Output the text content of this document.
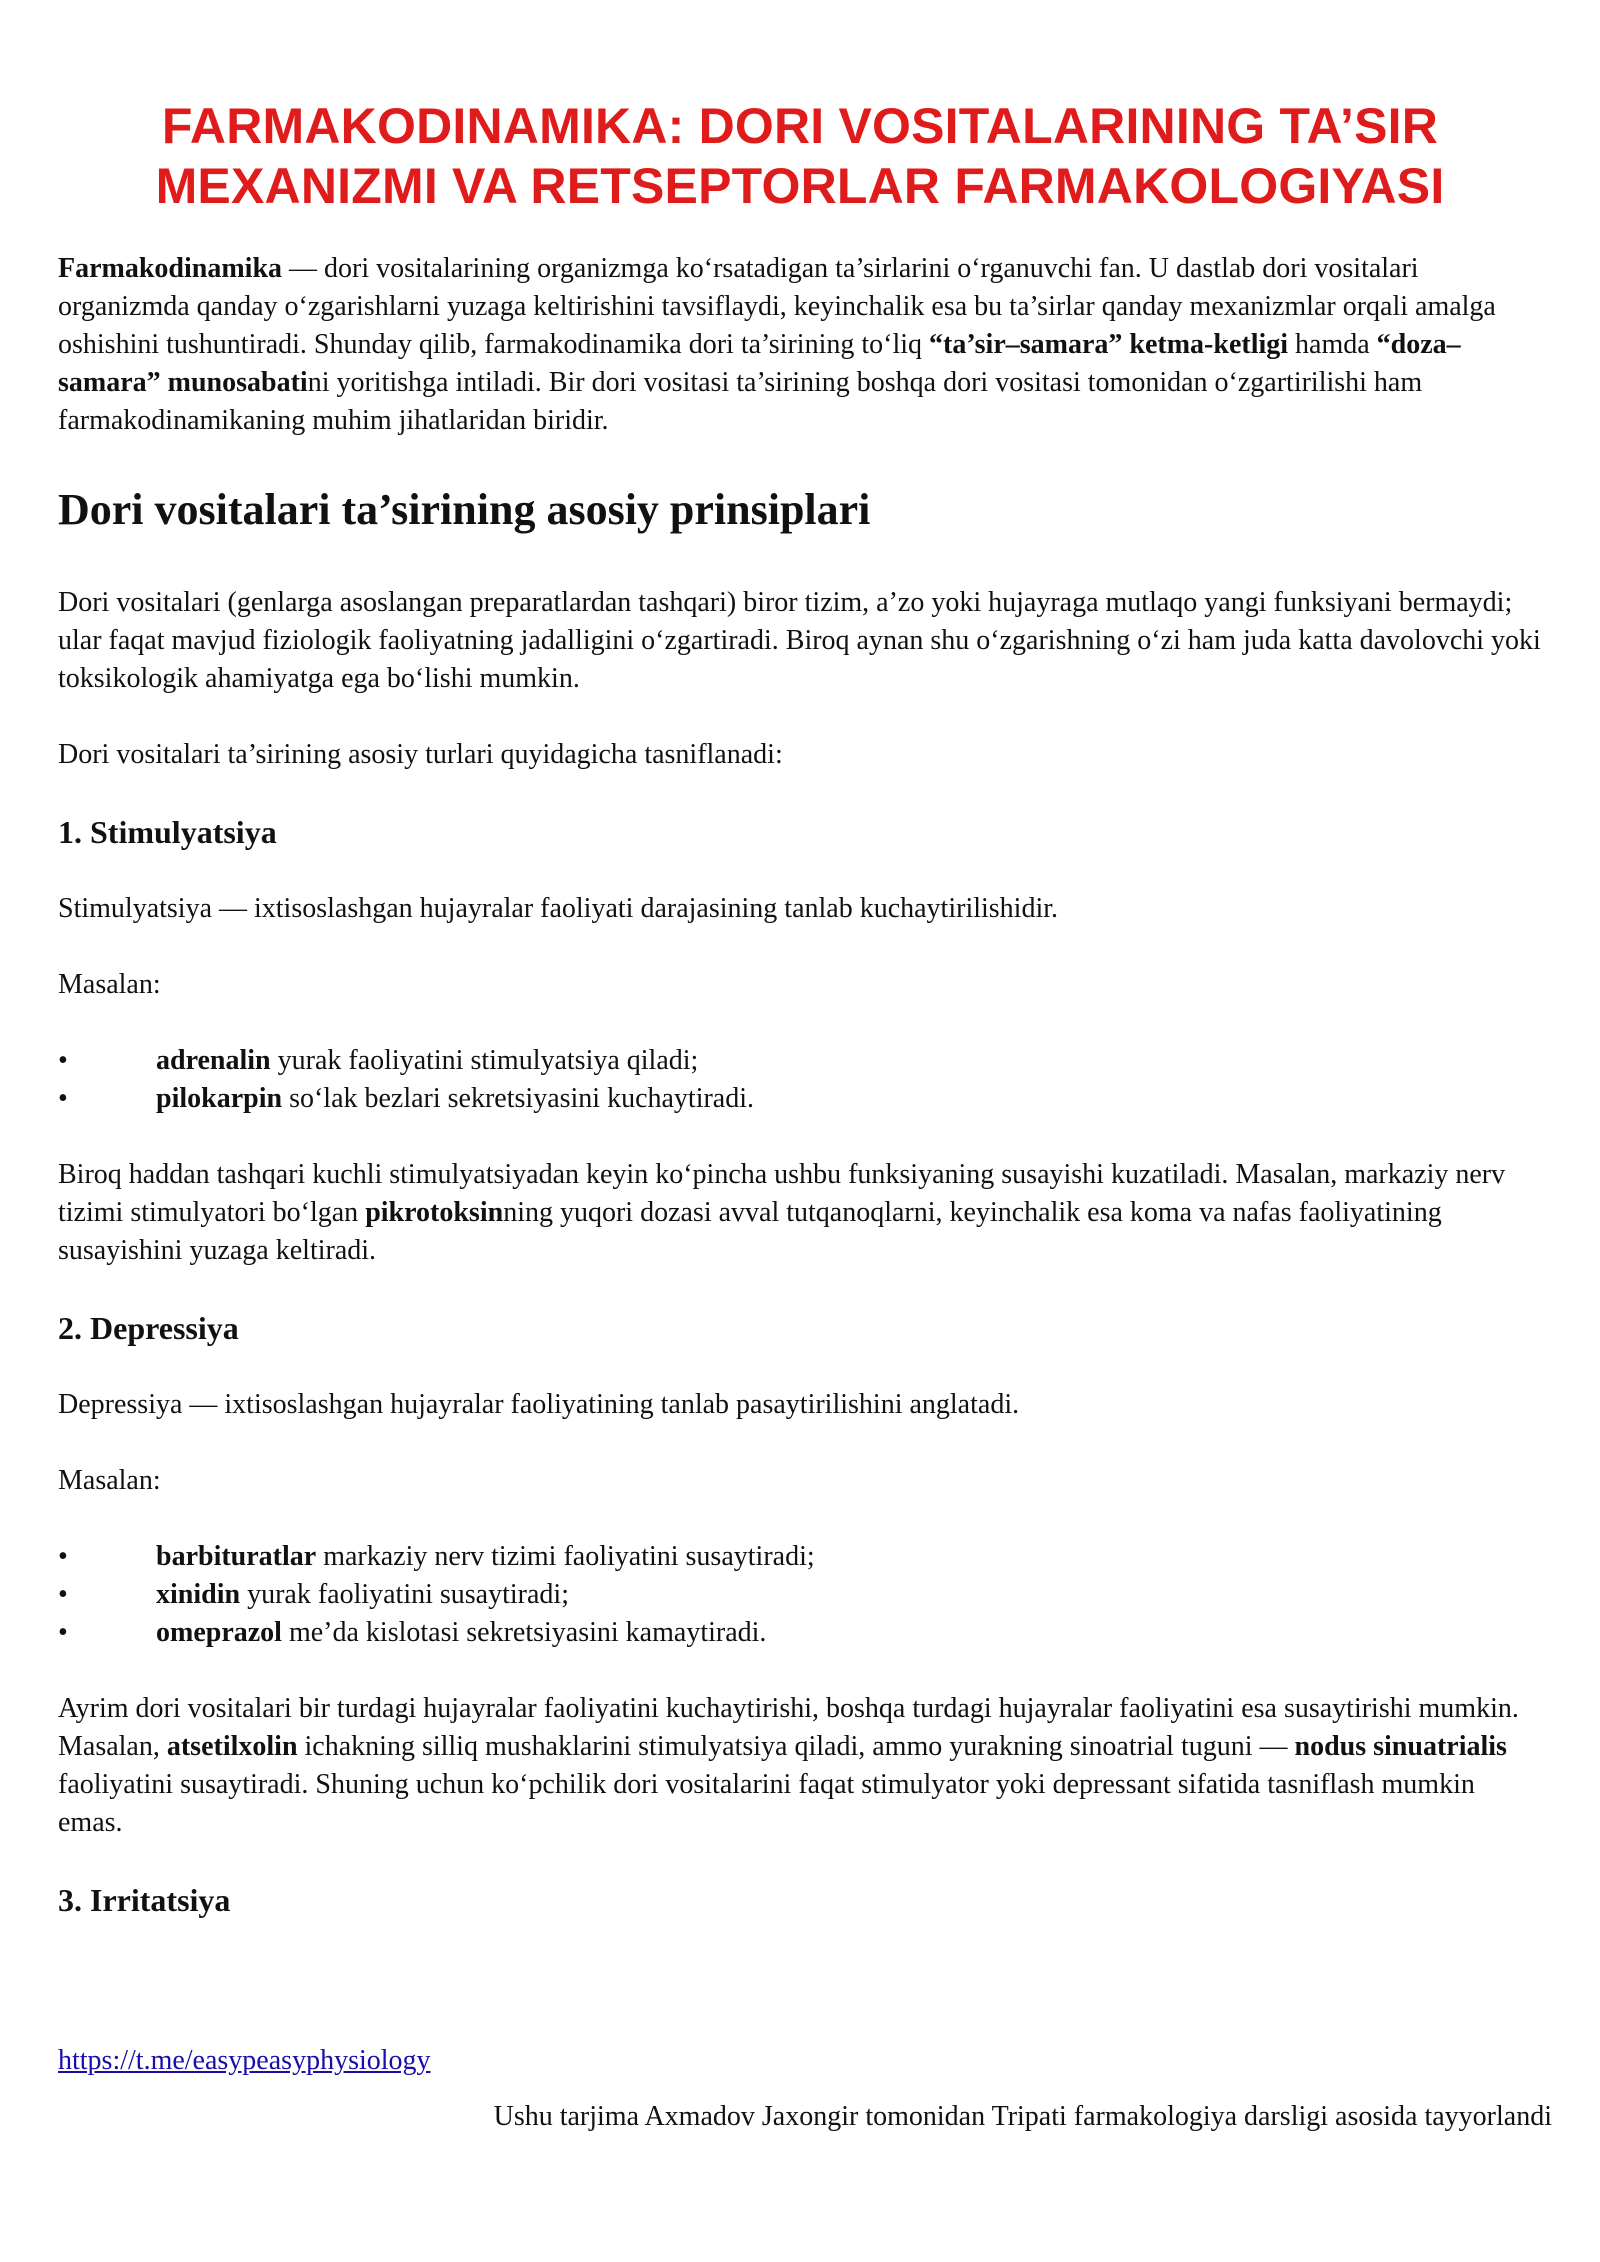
FARMAKODINAMIKA: DORI VOSITALARINING TA’SIR
MEXANIZMI VA RETSEPTORLAR FARMAKOLOGIYASI

Farmakodinamika — dori vositalarining organizmga ko‘rsatadigan ta’sirlarini o‘rganuvchi fan. U dastlab dori vositalari organizmda qanday o‘zgarishlarni yuzaga keltirishini tavsiflaydi, keyinchalik esa bu ta’sirlar qanday mexanizmlar orqali amalga oshishini tushuntiradi. Shunday qilib, farmakodinamika dori ta’sirining to‘liq “ta’sir–samara” ketma-ketligi hamda “doza–samara” munosabatini yoritishga intiladi. Bir dori vositasi ta’sirining boshqa dori vositasi tomonidan o‘zgartirilishi ham farmakodinamikaning muhim jihatlaridan biridir.

Dori vositalari ta’sirining asosiy prinsiplari

Dori vositalari (genlarga asoslangan preparatlardan tashqari) biror tizim, a’zo yoki hujayraga mutlaqo yangi funksiyani bermaydi; ular faqat mavjud fiziologik faoliyatning jadalligini o‘zgartiradi. Biroq aynan shu o‘zgarishning o‘zi ham juda katta davolovchi yoki toksikologik ahamiyatga ega bo‘lishi mumkin.

Dori vositalari ta’sirining asosiy turlari quyidagicha tasniflanadi:

1. Stimulyatsiya

Stimulyatsiya — ixtisoslashgan hujayralar faoliyati darajasining tanlab kuchaytirilishidir.

Masalan:

•	adrenalin yurak faoliyatini stimulyatsiya qiladi;
•	pilokarpin so‘lak bezlari sekretsiyasini kuchaytiradi.

Biroq haddan tashqari kuchli stimulyatsiyadan keyin ko‘pincha ushbu funksiyaning susayishi kuzatiladi. Masalan, markaziy nerv tizimi stimulyatori bo‘lgan pikrotoksinning yuqori dozasi avval tutqanoqlarni, keyinchalik esa koma va nafas faoliyatining susayishini yuzaga keltiradi.

2. Depressiya

Depressiya — ixtisoslashgan hujayralar faoliyatining tanlab pasaytirilishini anglatadi.

Masalan:

•	barbituratlar markaziy nerv tizimi faoliyatini susaytiradi;
•	xinidin yurak faoliyatini susaytiradi;
•	omeprazol me’da kislotasi sekretsiyasini kamaytiradi.

Ayrim dori vositalari bir turdagi hujayralar faoliyatini kuchaytirishi, boshqa turdagi hujayralar faoliyatini esa susaytirishi mumkin. Masalan, atsetilxolin ichakning silliq mushaklarini stimulyatsiya qiladi, ammo yurakning sinoatrial tuguni — nodus sinuatrialis faoliyatini susaytiradi. Shuning uchun ko‘pchilik dori vositalarini faqat stimulyator yoki depressant sifatida tasniflash mumkin emas.

3. Irritatsiya
https://t.me/easypeasyphysiology
Ushu tarjima Axmadov Jaxongir tomonidan Tripati farmakologiya darsligi asosida tayyorlandi
